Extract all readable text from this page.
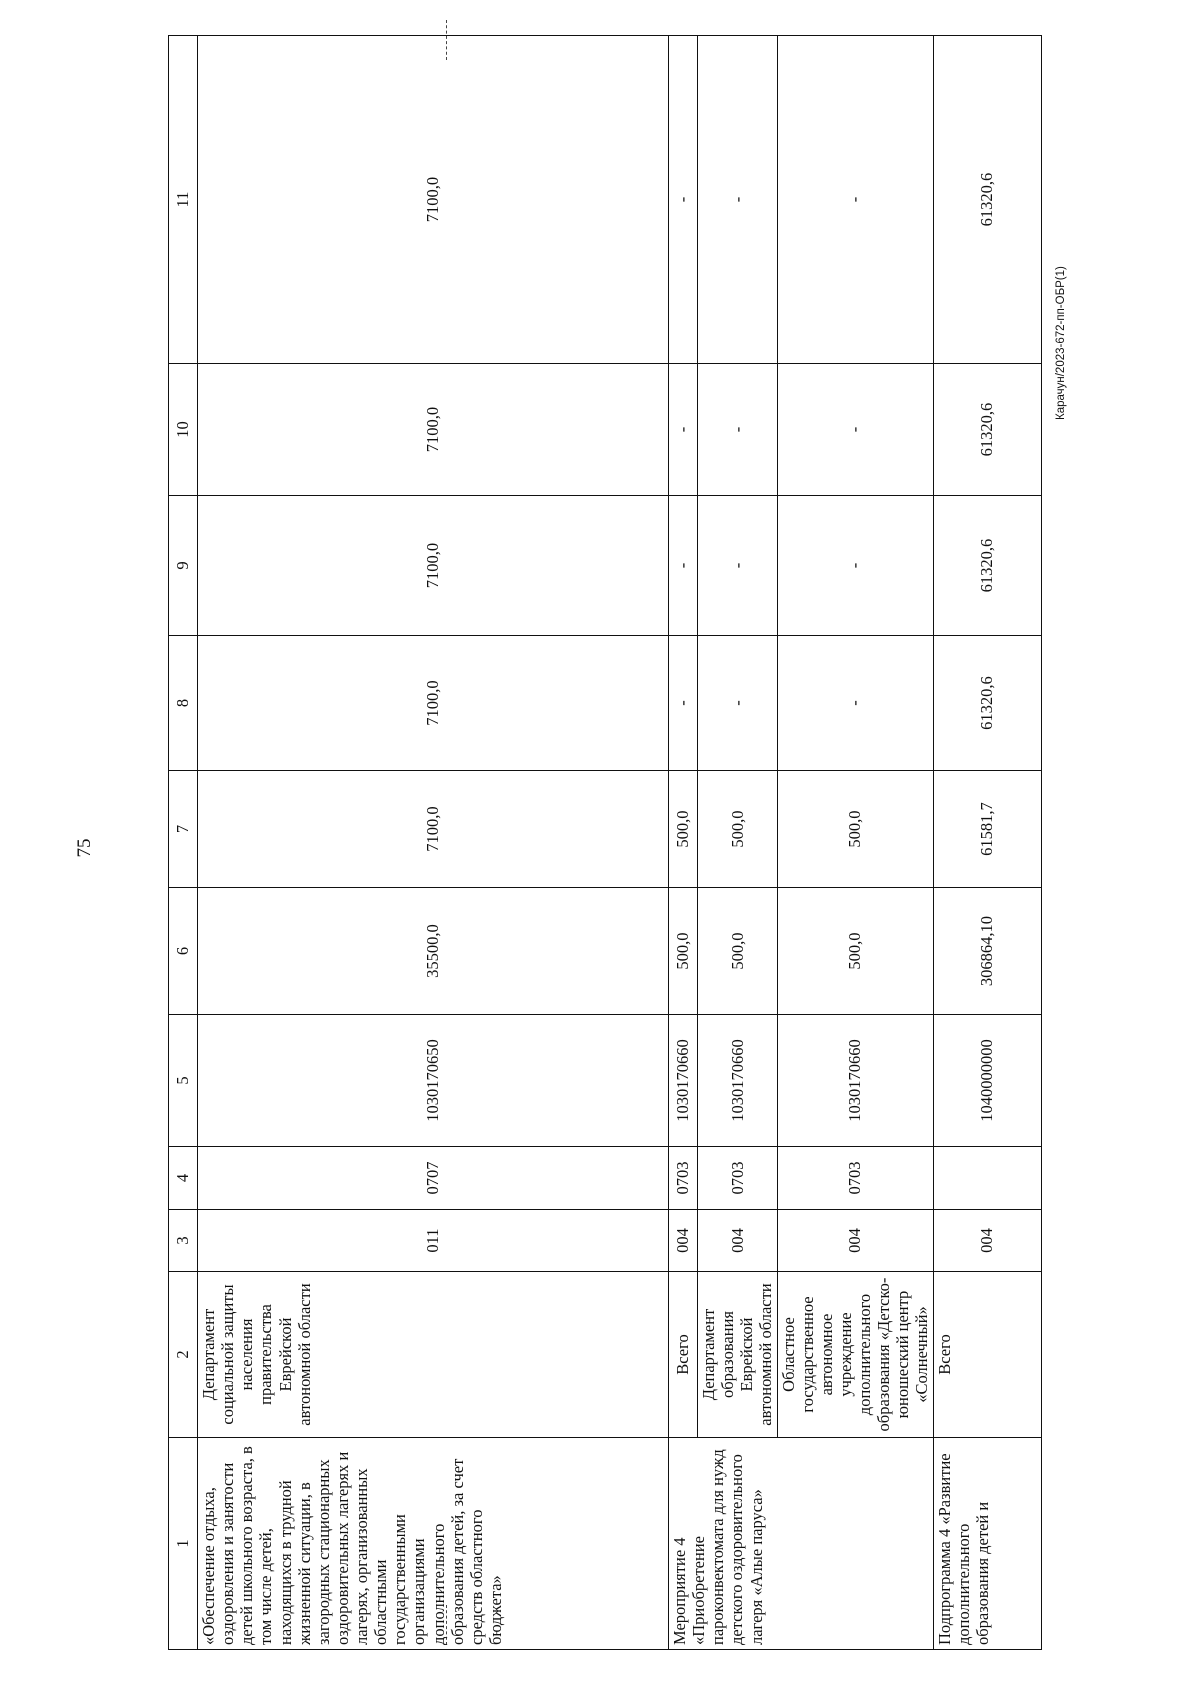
75
Карачун/2023-672-пп-ОБР(1)
1	2	3	4	5	6	7	8	9	10	11
«Обеспечение отдыха, оздоровления и занятости детей школьного возраста, в том числе детей, находящихся в трудной жизненной ситуации, в загородных стационарных оздоровительных лагерях и лагерях, организованных областными государственными организациями дополнительного образования детей, за счет средств областного бюджета»	Департамент социальной защиты населения правительства Еврейской автономной области	011	0707	1030170650	35500,0	7100,0	7100,0	7100,0	7100,0	7100,0
Мероприятие 4 «Приобретение пароконвектомата для нужд детского оздоровительного лагеря «Алые паруса»	Всего	004	0703	1030170660	500,0	500,0	-	-	-	-
	Департамент образования Еврейской автономной области	004	0703	1030170660	500,0	500,0	-	-	-	-
	Областное государственное автономное учреждение дополнительного образования «Детско-юношеский центр «Солнечный»	004	0703	1030170660	500,0	500,0	-	-	-	-
Подпрограмма 4 «Развитие дополнительного образования детей и	Всего	004		1040000000	306864,10	61581,7	61320,6	61320,6	61320,6	61320,6
